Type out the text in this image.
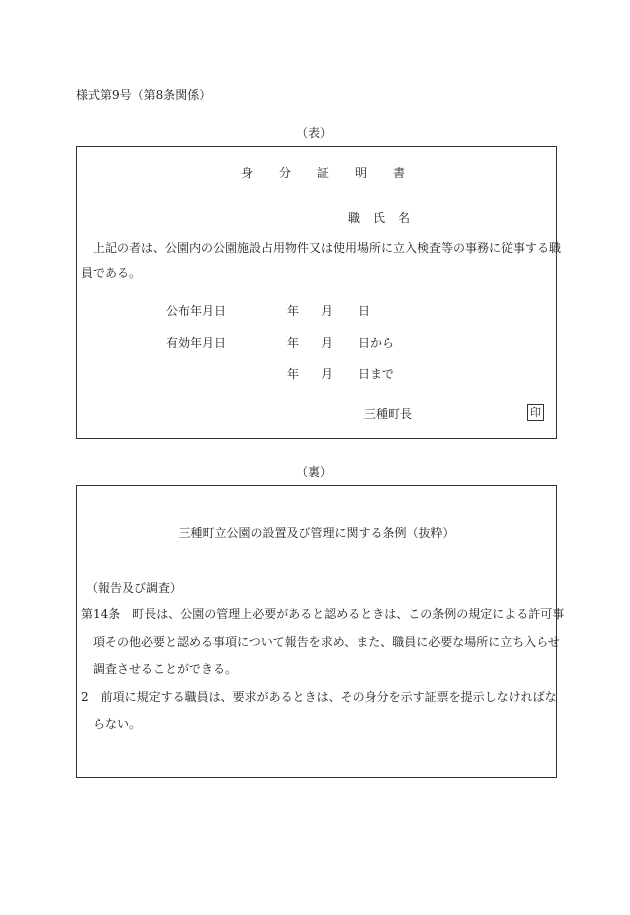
様式第9号（第8条関係）
（表）
身 分 証 明 書
職 氏 名
上記の者は、公園内の公園施設占用物件又は使用場所に立入検査等の事務に従事する職
員である。
公布年月日	年 月 日
有効年月日	年 月 日から
年 月 日まで
三種町長	印
（裏）
三種町立公園の設置及び管理に関する条例（抜粋）
（報告及び調査）
第14条　町長は、公園の管理上必要があると認めるときは、この条例の規定による許可事
項その他必要と認める事項について報告を求め、また、職員に必要な場所に立ち入らせ
調査させることができる。
2　前項に規定する職員は、要求があるときは、その身分を示す証票を提示しなければな
らない。
